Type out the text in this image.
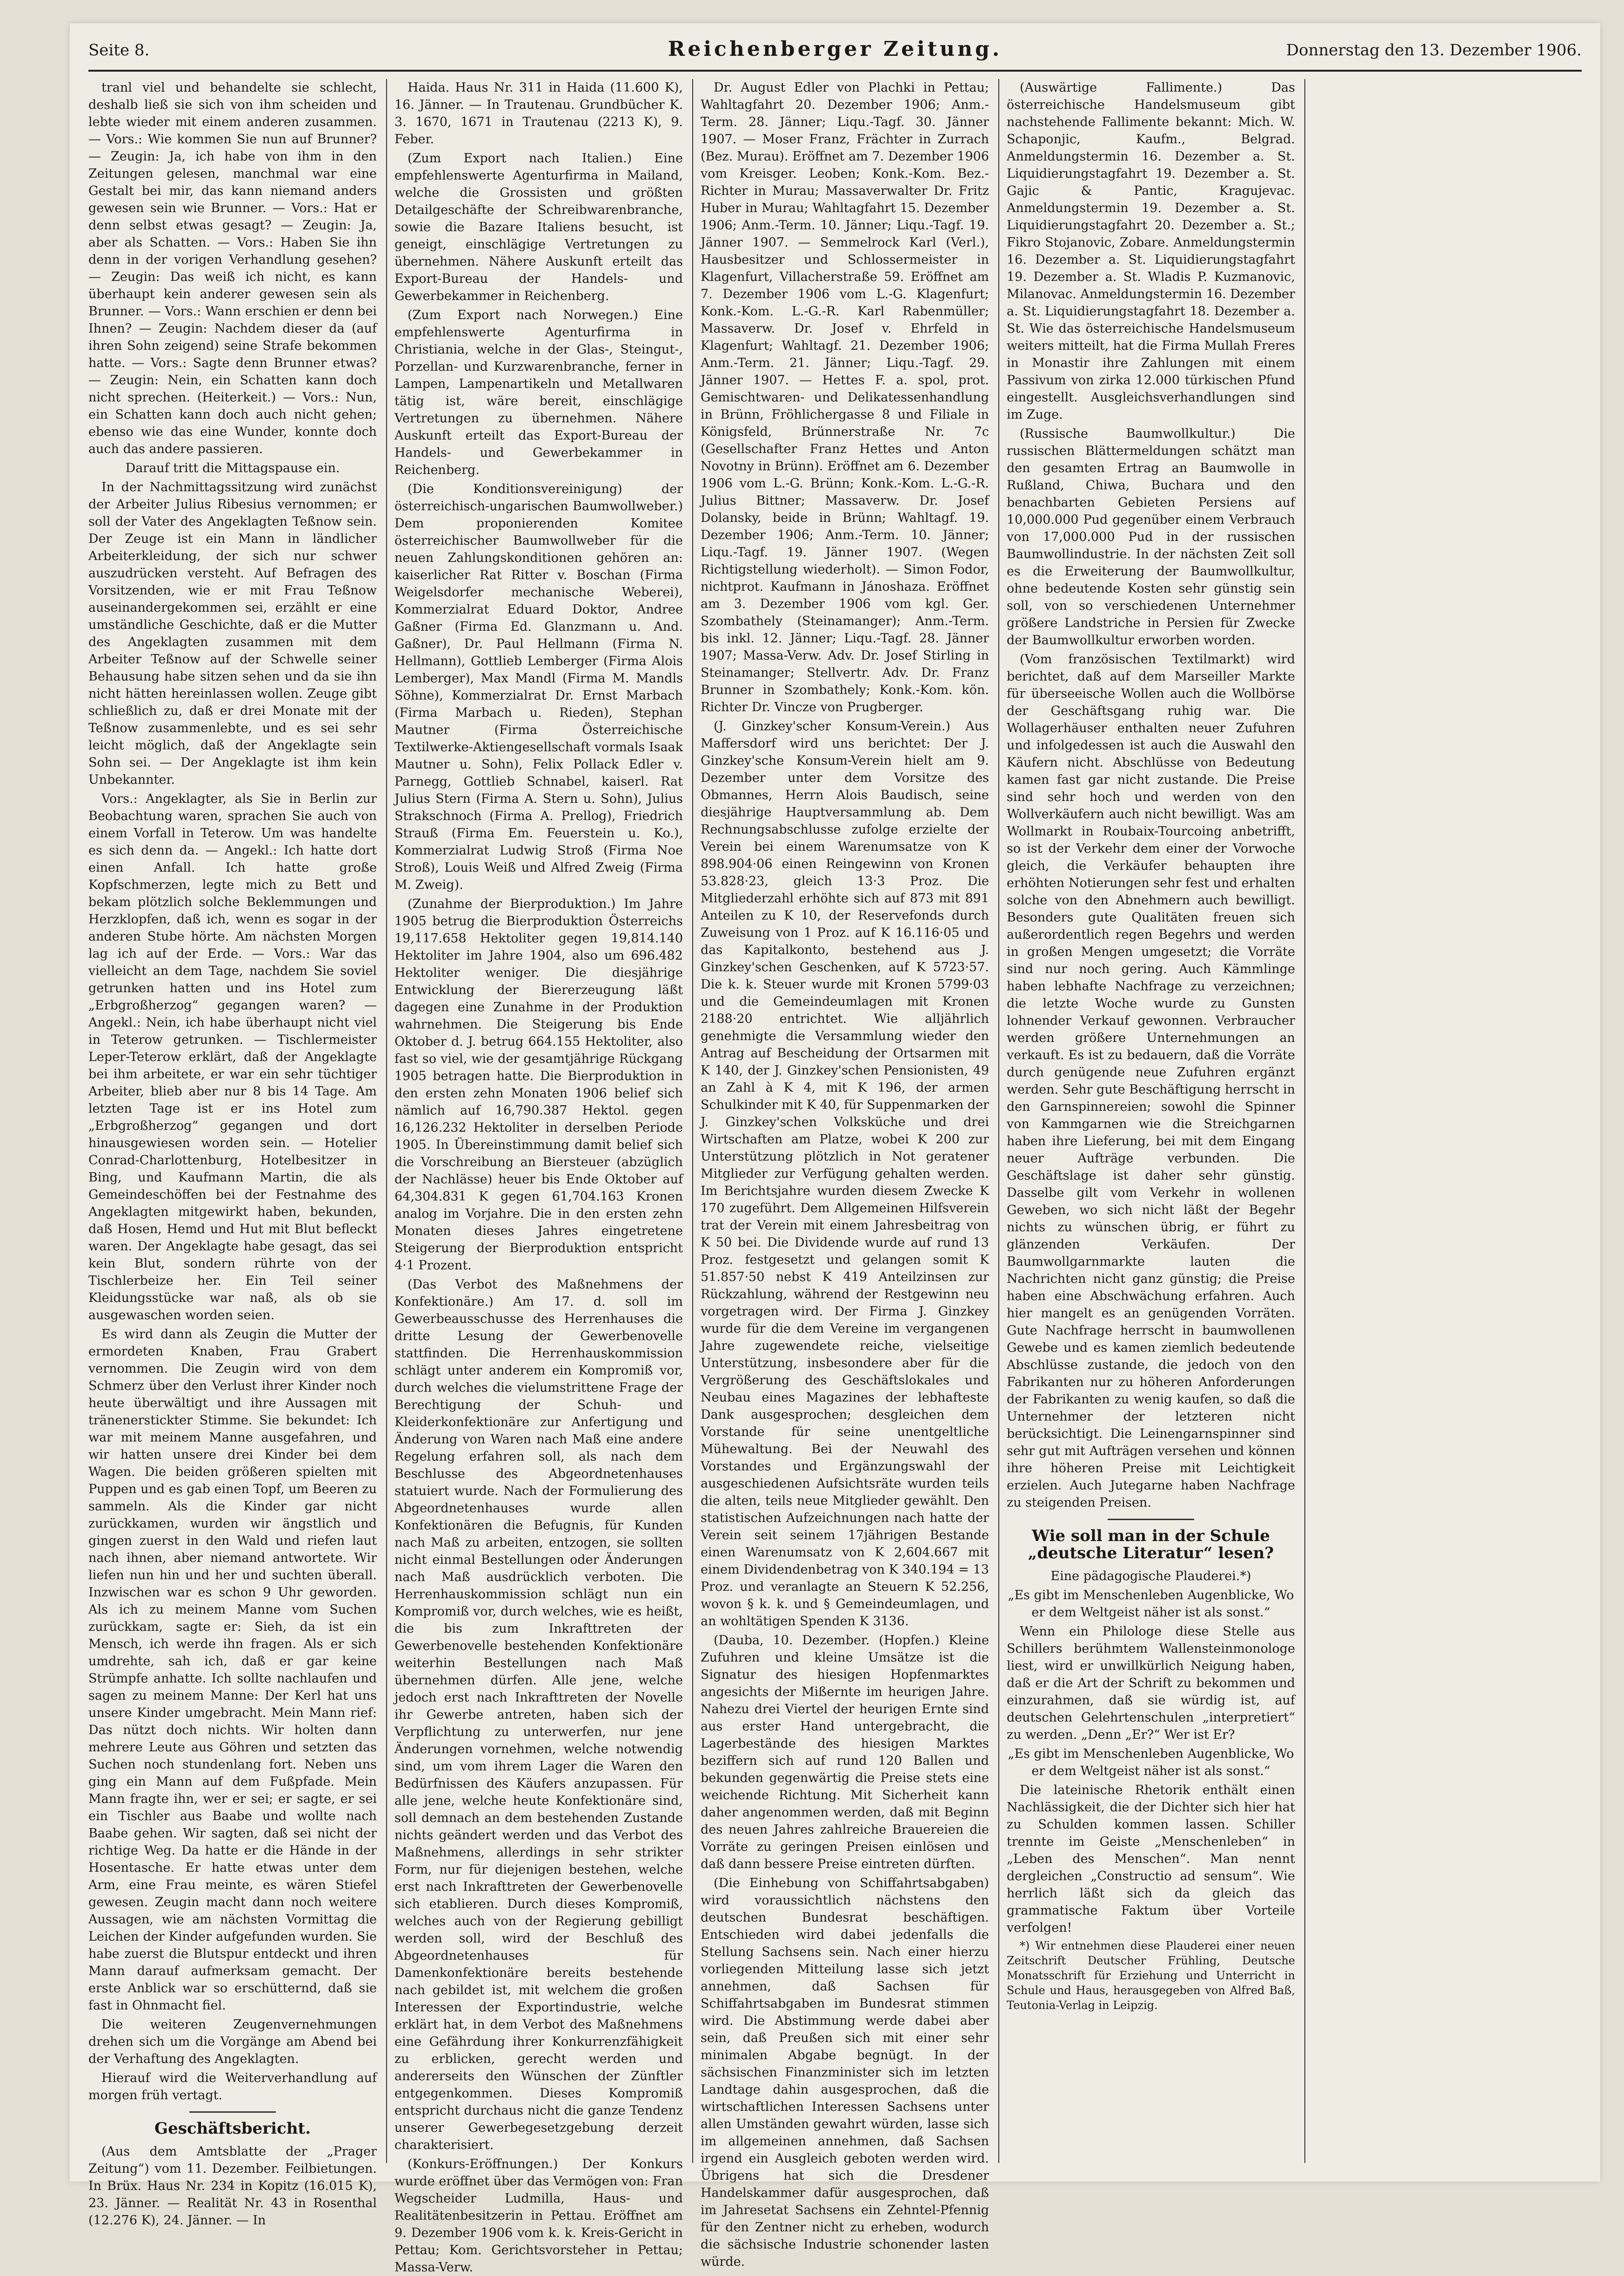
Seite 8.	Reichenberger Zeitung.	Donnerstag den 13. Dezember 1906.

tranl viel und behandelte sie schlecht, deshalb ließ sie sich von ihm scheiden und lebte wieder mit einem anderen zusammen. — Vors.: Wie kommen Sie nun auf Brunner? — Zeugin: Ja, ich habe von ihm in den Zeitungen gelesen, manchmal war eine Gestalt bei mir, das kann niemand anders gewesen sein wie Brunner. — Vors.: Hat er denn selbst etwas gesagt? — Zeugin: Ja, aber als Schatten. — Vors.: Haben Sie ihn denn in der vorigen Verhandlung gesehen? — Zeugin: Das weiß ich nicht, es kann überhaupt kein anderer gewesen sein als Brunner. — Vors.: Wann erschien er denn bei Ihnen? — Zeugin: Nachdem dieser da (auf ihren Sohn zeigend) seine Strafe bekommen hatte. — Vors.: Sagte denn Brunner etwas? — Zeugin: Nein, ein Schatten kann doch nicht sprechen. (Heiterkeit.) — Vors.: Nun, ein Schatten kann doch auch nicht gehen; ebenso wie das eine Wunder, konnte doch auch das andere passieren.

Darauf tritt die Mittagspause ein.

In der Nachmittagssitzung wird zunächst der Arbeiter Julius Ribesius vernommen; er soll der Vater des Angeklagten Teßnow sein. Der Zeuge ist ein Mann in ländlicher Arbeiterkleidung, der sich nur schwer auszudrücken versteht. Auf Befragen des Vorsitzenden, wie er mit Frau Teßnow auseinandergekommen sei, erzählt er eine umständliche Geschichte, daß er die Mutter des Angeklagten zusammen mit dem Arbeiter Teßnow auf der Schwelle seiner Behausung habe sitzen sehen und da sie ihn nicht hätten hereinlassen wollen. Zeuge gibt schließlich zu, daß er drei Monate mit der Teßnow zusammenlebte, und es sei sehr leicht möglich, daß der Angeklagte sein Sohn sei. — Der Angeklagte ist ihm kein Unbekannter.

Vors.: Angeklagter, als Sie in Berlin zur Beobachtung waren, sprachen Sie auch von einem Vorfall in Teterow. Um was handelte es sich denn da. — Angekl.: Ich hatte dort einen Anfall. Ich hatte große Kopfschmerzen, legte mich zu Bett und bekam plötzlich solche Beklemmungen und Herzklopfen, daß ich, wenn es sogar in der anderen Stube hörte. Am nächsten Morgen lag ich auf der Erde. — Vors.: War das vielleicht an dem Tage, nachdem Sie soviel getrunken hatten und ins Hotel zum „Erbgroßherzog“ gegangen waren? — Angekl.: Nein, ich habe überhaupt nicht viel in Teterow getrunken. — Tischlermeister Leper-Teterow erklärt, daß der Angeklagte bei ihm arbeitete, er war ein sehr tüchtiger Arbeiter, blieb aber nur 8 bis 14 Tage. Am letzten Tage ist er ins Hotel zum „Erbgroßherzog“ gegangen und dort hinausgewiesen worden sein. — Hotelier Conrad-Charlottenburg, Hotelbesitzer in Bing, und Kaufmann Martin, die als Gemeindeschöffen bei der Festnahme des Angeklagten mitgewirkt haben, bekunden, daß Hosen, Hemd und Hut mit Blut befleckt waren. Der Angeklagte habe gesagt, das sei kein Blut, sondern rührte von der Tischlerbeize her. Ein Teil seiner Kleidungsstücke war naß, als ob sie ausgewaschen worden seien.

Es wird dann als Zeugin die Mutter der ermordeten Knaben, Frau Grabert vernommen. Die Zeugin wird von dem Schmerz über den Verlust ihrer Kinder noch heute überwältigt und ihre Aussagen mit tränenerstickter Stimme. Sie bekundet: Ich war mit meinem Manne ausgefahren, und wir hatten unsere drei Kinder bei dem Wagen. Die beiden größeren spielten mit Puppen und es gab einen Topf, um Beeren zu sammeln. Als die Kinder gar nicht zurückkamen, wurden wir ängstlich und gingen zuerst in den Wald und riefen laut nach ihnen, aber niemand antwortete. Wir liefen nun hin und her und suchten überall. Inzwischen war es schon 9 Uhr geworden. Als ich zu meinem Manne vom Suchen zurückkam, sagte er: Sieh, da ist ein Mensch, ich werde ihn fragen. Als er sich umdrehte, sah ich, daß er gar keine Strümpfe anhatte. Ich sollte nachlaufen und sagen zu meinem Manne: Der Kerl hat uns unsere Kinder umgebracht. Mein Mann rief: Das nützt doch nichts. Wir holten dann mehrere Leute aus Göhren und setzten das Suchen noch stundenlang fort. Neben uns ging ein Mann auf dem Fußpfade. Mein Mann fragte ihn, wer er sei; er sagte, er sei ein Tischler aus Baabe und wollte nach Baabe gehen. Wir sagten, daß sei nicht der richtige Weg. Da hatte er die Hände in der Hosentasche. Er hatte etwas unter dem Arm, eine Frau meinte, es wären Stiefel gewesen. Zeugin macht dann noch weitere Aussagen, wie am nächsten Vormittag die Leichen der Kinder aufgefunden wurden. Sie habe zuerst die Blutspur entdeckt und ihren Mann darauf aufmerksam gemacht. Der erste Anblick war so erschütternd, daß sie fast in Ohnmacht fiel.

Die weiteren Zeugenvernehmungen drehen sich um die Vorgänge am Abend bei der Verhaftung des Angeklagten.

Hierauf wird die Weiterverhandlung auf morgen früh vertagt.

Geschäftsbericht.

(Aus dem Amtsblatte der „Prager Zeitung“) vom 11. Dezember. Feilbietungen. In Brüx. Haus Nr. 234 in Kopitz (16.015 K), 23. Jänner. — Realität Nr. 43 in Rosenthal (12.276 K), 24. Jänner. — In

Haida. Haus Nr. 311 in Haida (11.600 K), 16. Jänner. — In Trautenau. Grundbücher K. 3. 1670, 1671 in Trautenau (2213 K), 9. Feber.

(Zum Export nach Italien.) Eine empfehlenswerte Agenturfirma in Mailand, welche die Grossisten und größten Detailgeschäfte der Schreibwarenbranche, sowie die Bazare Italiens besucht, ist geneigt, einschlägige Vertretungen zu übernehmen. Nähere Auskunft erteilt das Export-Bureau der Handels- und Gewerbekammer in Reichenberg.

(Zum Export nach Norwegen.) Eine empfehlenswerte Agenturfirma in Christiania, welche in der Glas-, Steingut-, Porzellan- und Kurzwarenbranche, ferner in Lampen, Lampenartikeln und Metallwaren tätig ist, wäre bereit, einschlägige Vertretungen zu übernehmen. Nähere Auskunft erteilt das Export-Bureau der Handels- und Gewerbekammer in Reichenberg.

(Die Konditionsvereinigung) der österreichisch-ungarischen Baumwollweber.) Dem proponierenden Komitee österreichischer Baumwollweber für die neuen Zahlungskonditionen gehören an: kaiserlicher Rat Ritter v. Boschan (Firma Weigelsdorfer mechanische Weberei), Kommerzialrat Eduard Doktor, Andree Gaßner (Firma Ed. Glanzmann u. And. Gaßner), Dr. Paul Hellmann (Firma N. Hellmann), Gottlieb Lemberger (Firma Alois Lemberger), Max Mandl (Firma M. Mandls Söhne), Kommerzialrat Dr. Ernst Marbach (Firma Marbach u. Rieden), Stephan Mautner (Firma Österreichische Textilwerke-Aktiengesellschaft vormals Isaak Mautner u. Sohn), Felix Pollack Edler v. Parnegg, Gottlieb Schnabel, kaiserl. Rat Julius Stern (Firma A. Stern u. Sohn), Julius Strakschnoch (Firma A. Prellog), Friedrich Strauß (Firma Em. Feuerstein u. Ko.), Kommerzialrat Ludwig Stroß (Firma Noe Stroß), Louis Weiß und Alfred Zweig (Firma M. Zweig).

(Zunahme der Bierproduktion.) Im Jahre 1905 betrug die Bierproduktion Österreichs 19,117.658 Hektoliter gegen 19,814.140 Hektoliter im Jahre 1904, also um 696.482 Hektoliter weniger. Die diesjährige Entwicklung der Biererzeugung läßt dagegen eine Zunahme in der Produktion wahrnehmen. Die Steigerung bis Ende Oktober d. J. betrug 664.155 Hektoliter, also fast so viel, wie der gesamtjährige Rückgang 1905 betragen hatte. Die Bierproduktion in den ersten zehn Monaten 1906 belief sich nämlich auf 16,790.387 Hektol. gegen 16,126.232 Hektoliter in derselben Periode 1905. In Übereinstimmung damit belief sich die Vorschreibung an Biersteuer (abzüglich der Nachlässe) heuer bis Ende Oktober auf 64,304.831 K gegen 61,704.163 Kronen analog im Vorjahre. Die in den ersten zehn Monaten dieses Jahres eingetretene Steigerung der Bierproduktion entspricht 4·1 Prozent.

(Das Verbot des Maßnehmens der Konfektionäre.) Am 17. d. soll im Gewerbeausschusse des Herrenhauses die dritte Lesung der Gewerbenovelle stattfinden. Die Herrenhauskommission schlägt unter anderem ein Kompromiß vor, durch welches die vielumstrittene Frage der Berechtigung der Schuh- und Kleiderkonfektionäre zur Anfertigung und Änderung von Waren nach Maß eine andere Regelung erfahren soll, als nach dem Beschlusse des Abgeordnetenhauses statuiert wurde. Nach der Formulierung des Abgeordnetenhauses wurde allen Konfektionären die Befugnis, für Kunden nach Maß zu arbeiten, entzogen, sie sollten nicht einmal Bestellungen oder Änderungen nach Maß ausdrücklich verboten. Die Herrenhauskommission schlägt nun ein Kompromiß vor, durch welches, wie es heißt, die bis zum Inkrafttreten der Gewerbenovelle bestehenden Konfektionäre weiterhin Bestellungen nach Maß übernehmen dürfen. Alle jene, welche jedoch erst nach Inkrafttreten der Novelle ihr Gewerbe antreten, haben sich der Verpflichtung zu unterwerfen, nur jene Änderungen vornehmen, welche notwendig sind, um vom ihrem Lager die Waren den Bedürfnissen des Käufers anzupassen. Für alle jene, welche heute Konfektionäre sind, soll demnach an dem bestehenden Zustande nichts geändert werden und das Verbot des Maßnehmens, allerdings in sehr strikter Form, nur für diejenigen bestehen, welche erst nach Inkrafttreten der Gewerbenovelle sich etablieren. Durch dieses Kompromiß, welches auch von der Regierung gebilligt werden soll, wird der Beschluß des Abgeordnetenhauses für Damenkonfektionäre bereits bestehende nach gebildet ist, mit welchem die großen Interessen der Exportindustrie, welche erklärt hat, in dem Verbot des Maßnehmens eine Gefährdung ihrer Konkurrenzfähigkeit zu erblicken, gerecht werden und andererseits den Wünschen der Zünftler entgegenkommen. Dieses Kompromiß entspricht durchaus nicht die ganze Tendenz unserer Gewerbegesetzgebung derzeit charakterisiert.

(Konkurs-Eröffnungen.) Der Konkurs wurde eröffnet über das Vermögen von: Fran Wegscheider Ludmilla, Haus- und Realitätenbesitzerin in Pettau. Eröffnet am 9. Dezember 1906 vom k. k. Kreis-Gericht in Pettau; Kom. Gerichtsvorsteher in Pettau; Massa-Verw.

Dr. August Edler von Plachki in Pettau; Wahltagfahrt 20. Dezember 1906; Anm.-Term. 28. Jänner; Liqu.-Tagf. 30. Jänner 1907. — Moser Franz, Frächter in Zurrach (Bez. Murau). Eröffnet am 7. Dezember 1906 vom Kreisger. Leoben; Konk.-Kom. Bez.-Richter in Murau; Massaverwalter Dr. Fritz Huber in Murau; Wahltagfahrt 15. Dezember 1906; Anm.-Term. 10. Jänner; Liqu.-Tagf. 19. Jänner 1907. — Semmelrock Karl (Verl.), Hausbesitzer und Schlossermeister in Klagenfurt, Villacherstraße 59. Eröffnet am 7. Dezember 1906 vom L.-G. Klagenfurt; Konk.-Kom. L.-G.-R. Karl Rabenmüller; Massaverw. Dr. Josef v. Ehrfeld in Klagenfurt; Wahltagf. 21. Dezember 1906; Anm.-Term. 21. Jänner; Liqu.-Tagf. 29. Jänner 1907. — Hettes F. a. spol, prot. Gemischtwaren- und Delikatessenhandlung in Brünn, Fröhlichergasse 8 und Filiale in Königsfeld, Brünnerstraße Nr. 7c (Gesellschafter Franz Hettes und Anton Novotny in Brünn). Eröffnet am 6. Dezember 1906 vom L.-G. Brünn; Konk.-Kom. L.-G.-R. Julius Bittner; Massaverw. Dr. Josef Dolansky, beide in Brünn; Wahltagf. 19. Dezember 1906; Anm.-Term. 10. Jänner; Liqu.-Tagf. 19. Jänner 1907. (Wegen Richtigstellung wiederholt). — Simon Fodor, nichtprot. Kaufmann in Jánoshaza. Eröffnet am 3. Dezember 1906 vom kgl. Ger. Szombathely (Steinamanger); Anm.-Term. bis inkl. 12. Jänner; Liqu.-Tagf. 28. Jänner 1907; Massa-Verw. Adv. Dr. Josef Stirling in Steinamanger; Stellvertr. Adv. Dr. Franz Brunner in Szombathely; Konk.-Kom. kön. Richter Dr. Vincze von Prugberger.

(J. Ginzkey'scher Konsum-Verein.) Aus Maffersdorf wird uns berichtet: Der J. Ginzkey'sche Konsum-Verein hielt am 9. Dezember unter dem Vorsitze des Obmannes, Herrn Alois Baudisch, seine diesjährige Hauptversammlung ab. Dem Rechnungsabschlusse zufolge erzielte der Verein bei einem Warenumsatze von K 898.904·06 einen Reingewinn von Kronen 53.828·23, gleich 13·3 Proz. Die Mitgliederzahl erhöhte sich auf 873 mit 891 Anteilen zu K 10, der Reservefonds durch Zuweisung von 1 Proz. auf K 16.116·05 und das Kapitalkonto, bestehend aus J. Ginzkey'schen Geschenken, auf K 5723·57. Die k. k. Steuer wurde mit Kronen 5799·03 und die Gemeindeumlagen mit Kronen 2188·20 entrichtet. Wie alljährlich genehmigte die Versammlung wieder den Antrag auf Bescheidung der Ortsarmen mit K 140, der J. Ginzkey'schen Pensionisten, 49 an Zahl à K 4, mit K 196, der armen Schulkinder mit K 40, für Suppenmarken der J. Ginzkey'schen Volksküche und drei Wirtschaften am Platze, wobei K 200 zur Unterstützung plötzlich in Not geratener Mitglieder zur Verfügung gehalten werden. Im Berichtsjahre wurden diesem Zwecke K 170 zugeführt. Dem Allgemeinen Hilfsverein trat der Verein mit einem Jahresbeitrag von K 50 bei. Die Dividende wurde auf rund 13 Proz. festgesetzt und gelangen somit K 51.857·50 nebst K 419 Anteilzinsen zur Rückzahlung, während der Restgewinn neu vorgetragen wird. Der Firma J. Ginzkey wurde für die dem Vereine im vergangenen Jahre zugewendete reiche, vielseitige Unterstützung, insbesondere aber für die Vergrößerung des Geschäftslokales und Neubau eines Magazines der lebhafteste Dank ausgesprochen; desgleichen dem Vorstande für seine unentgeltliche Mühewaltung. Bei der Neuwahl des Vorstandes und Ergänzungswahl der ausgeschiedenen Aufsichtsräte wurden teils die alten, teils neue Mitglieder gewählt. Den statistischen Aufzeichnungen nach hatte der Verein seit seinem 17jährigen Bestande einen Warenumsatz von K 2,604.667 mit einem Dividendenbetrag von K 340.194 = 13 Proz. und veranlagte an Steuern K 52.256, wovon § k. k. und § Gemeindeumlagen, und an wohltätigen Spenden K 3136.

(Dauba, 10. Dezember. (Hopfen.) Kleine Zufuhren und kleine Umsätze ist die Signatur des hiesigen Hopfenmarktes angesichts der Mißernte im heurigen Jahre. Nahezu drei Viertel der heurigen Ernte sind aus erster Hand untergebracht, die Lagerbestände des hiesigen Marktes beziffern sich auf rund 120 Ballen und bekunden gegenwärtig die Preise stets eine weichende Richtung. Mit Sicherheit kann daher angenommen werden, daß mit Beginn des neuen Jahres zahlreiche Brauereien die Vorräte zu geringen Preisen einlösen und daß dann bessere Preise eintreten dürften.

(Die Einhebung von Schiffahrtsabgaben) wird voraussichtlich nächstens den deutschen Bundesrat beschäftigen. Entschieden wird dabei jedenfalls die Stellung Sachsens sein. Nach einer hierzu vorliegenden Mitteilung lasse sich jetzt annehmen, daß Sachsen für Schiffahrtsabgaben im Bundesrat stimmen wird. Die Abstimmung werde dabei aber sein, daß Preußen sich mit einer sehr minimalen Abgabe begnügt. In der sächsischen Finanzminister sich im letzten Landtage dahin ausgesprochen, daß die wirtschaftlichen Interessen Sachsens unter allen Umständen gewahrt würden, lasse sich im allgemeinen annehmen, daß Sachsen irgend ein Ausgleich geboten werden wird. Übrigens hat sich die Dresdener Handelskammer dafür ausgesprochen, daß im Jahresetat Sachsens ein Zehntel-Pfennig für den Zentner nicht zu erheben, wodurch die sächsische Industrie schonender lasten würde.

(Auswärtige Fallimente.) Das österreichische Handelsmuseum gibt nachstehende Fallimente bekannt: Mich. W. Schaponjic, Kaufm., Belgrad. Anmeldungstermin 16. Dezember a. St. Liquidierungstagfahrt 19. Dezember a. St. Gajic & Pantic, Kragujevac. Anmeldungstermin 19. Dezember a. St. Liquidierungstagfahrt 20. Dezember a. St.; Fikro Stojanovic, Zobare. Anmeldungstermin 16. Dezember a. St. Liquidierungstagfahrt 19. Dezember a. St. Wladis P. Kuzmanovic, Milanovac. Anmeldungstermin 16. Dezember a. St. Liquidierungstagfahrt 18. Dezember a. St. Wie das österreichische Handelsmuseum weiters mitteilt, hat die Firma Mullah Freres in Monastir ihre Zahlungen mit einem Passivum von zirka 12.000 türkischen Pfund eingestellt. Ausgleichsverhandlungen sind im Zuge.

(Russische Baumwollkultur.) Die russischen Blättermeldungen schätzt man den gesamten Ertrag an Baumwolle in Rußland, Chiwa, Buchara und den benachbarten Gebieten Persiens auf 10,000.000 Pud gegenüber einem Verbrauch von 17,000.000 Pud in der russischen Baumwollindustrie. In der nächsten Zeit soll es die Erweiterung der Baumwollkultur, ohne bedeutende Kosten sehr günstig sein soll, von so verschiedenen Unternehmer größere Landstriche in Persien für Zwecke der Baumwollkultur erworben worden.

(Vom französischen Textilmarkt) wird berichtet, daß auf dem Marseiller Markte für überseeische Wollen auch die Wollbörse der Geschäftsgang ruhig war. Die Wollagerhäuser enthalten neuer Zufuhren und infolgedessen ist auch die Auswahl den Käufern nicht. Abschlüsse von Bedeutung kamen fast gar nicht zustande. Die Preise sind sehr hoch und werden von den Wollverkäufern auch nicht bewilligt. Was am Wollmarkt in Roubaix-Tourcoing anbetrifft, so ist der Verkehr dem einer der Vorwoche gleich, die Verkäufer behaupten ihre erhöhten Notierungen sehr fest und erhalten solche von den Abnehmern auch bewilligt. Besonders gute Qualitäten freuen sich außerordentlich regen Begehrs und werden in großen Mengen umgesetzt; die Vorräte sind nur noch gering. Auch Kämmlinge haben lebhafte Nachfrage zu verzeichnen; die letzte Woche wurde zu Gunsten lohnender Verkauf gewonnen. Verbraucher werden größere Unternehmungen an verkauft. Es ist zu bedauern, daß die Vorräte durch genügende neue Zufuhren ergänzt werden. Sehr gute Beschäftigung herrscht in den Garnspinnereien; sowohl die Spinner von Kammgarnen wie die Streichgarnen haben ihre Lieferung, bei mit dem Eingang neuer Aufträge verbunden. Die Geschäftslage ist daher sehr günstig. Dasselbe gilt vom Verkehr in wollenen Geweben, wo sich nicht läßt der Begehr nichts zu wünschen übrig, er führt zu glänzenden Verkäufen. Der Baumwollgarnmarkte lauten die Nachrichten nicht ganz günstig; die Preise haben eine Abschwächung erfahren. Auch hier mangelt es an genügenden Vorräten. Gute Nachfrage herrscht in baumwollenen Gewebe und es kamen ziemlich bedeutende Abschlüsse zustande, die jedoch von den Fabrikanten nur zu höheren Anforderungen der Fabrikanten zu wenig kaufen, so daß die Unternehmer der letzteren nicht berücksichtigt. Die Leinengarnspinner sind sehr gut mit Aufträgen versehen und können ihre höheren Preise mit Leichtigkeit erzielen. Auch Jutegarne haben Nachfrage zu steigenden Preisen.

Wie soll man in der Schule „deutsche Literatur“ lesen?

Eine pädagogische Plauderei.*)

„Es gibt im Menschenleben Augenblicke, Wo er dem Weltgeist näher ist als sonst.“

Wenn ein Philologe diese Stelle aus Schillers berühmtem Wallensteinmonologe liest, wird er unwillkürlich Neigung haben, daß er die Art der Schrift zu bekommen und einzurahmen, daß sie würdig ist, auf deutschen Gelehrtenschulen „interpretiert“ zu werden. „Denn „Er?“ Wer ist Er?

„Es gibt im Menschenleben Augenblicke, Wo er dem Weltgeist näher ist als sonst.“

Die lateinische Rhetorik enthält einen Nachlässigkeit, die der Dichter sich hier hat zu Schulden kommen lassen. Schiller trennte im Geiste „Menschenleben“ in „Leben des Menschen“. Man nennt dergleichen „Constructio ad sensum“. Wie herrlich läßt sich da gleich das grammatische Faktum über Vorteile verfolgen!

*) Wir entnehmen diese Plauderei einer neuen Zeitschrift Deutscher Frühling, Deutsche Monatsschrift für Erziehung und Unterricht in Schule und Haus, herausgegeben von Alfred Baß, Teutonia-Verlag in Leipzig.
